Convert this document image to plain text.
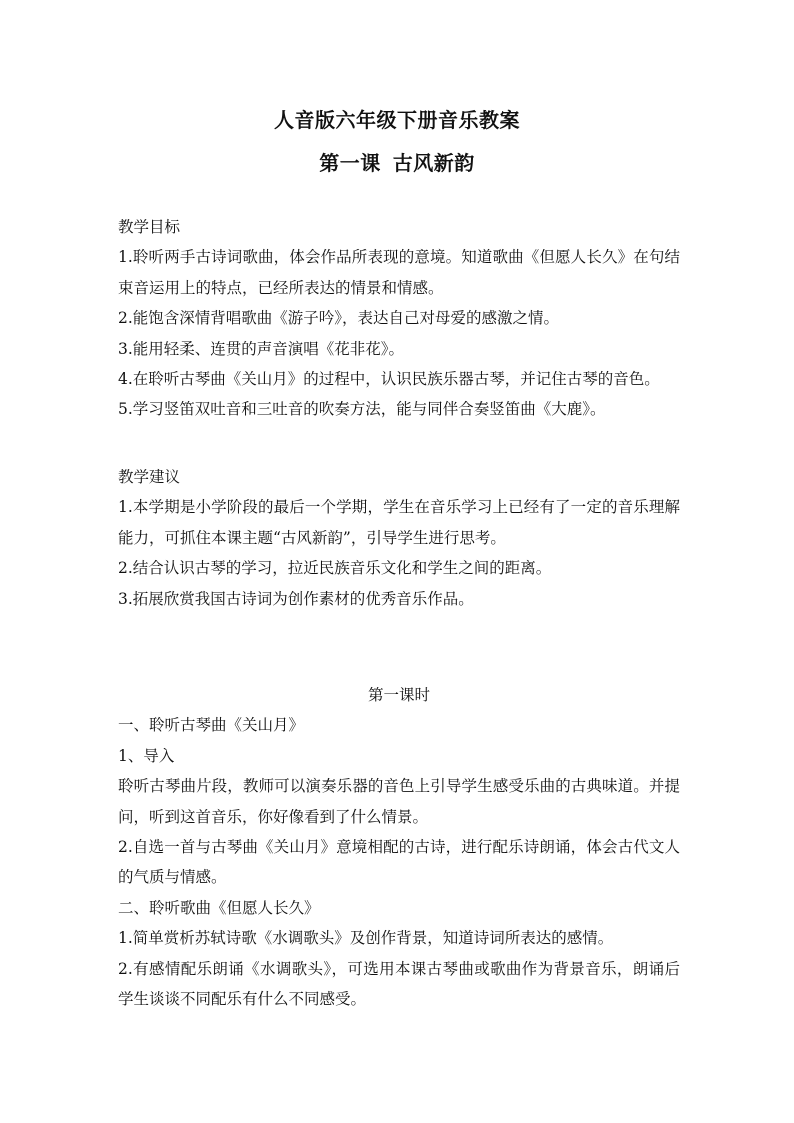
人音版六年级下册音乐教案
第一课 古风新韵

教学目标

1.聆听两手古诗词歌曲，体会作品所表现的意境。知道歌曲《但愿人长久》在句结束音运用上的特点，已经所表达的情景和情感。

2.能饱含深情背唱歌曲《游子吟》，表达自己对母爱的感激之情。

3.能用轻柔、连贯的声音演唱《花非花》。

4.在聆听古琴曲《关山月》的过程中，认识民族乐器古琴，并记住古琴的音色。

5.学习竖笛双吐音和三吐音的吹奏方法，能与同伴合奏竖笛曲《大鹿》。

教学建议

1.本学期是小学阶段的最后一个学期，学生在音乐学习上已经有了一定的音乐理解能力，可抓住本课主题“古风新韵”，引导学生进行思考。

2.结合认识古琴的学习，拉近民族音乐文化和学生之间的距离。

3.拓展欣赏我国古诗词为创作素材的优秀音乐作品。

第一课时

一、聆听古琴曲《关山月》

1、导入

聆听古琴曲片段，教师可以演奏乐器的音色上引导学生感受乐曲的古典味道。并提问，听到这首音乐，你好像看到了什么情景。

2.自选一首与古琴曲《关山月》意境相配的古诗，进行配乐诗朗诵，体会古代文人的气质与情感。

二、聆听歌曲《但愿人长久》

1.简单赏析苏轼诗歌《水调歌头》及创作背景，知道诗词所表达的感情。

2.有感情配乐朗诵《水调歌头》，可选用本课古琴曲或歌曲作为背景音乐，朗诵后学生谈谈不同配乐有什么不同感受。
